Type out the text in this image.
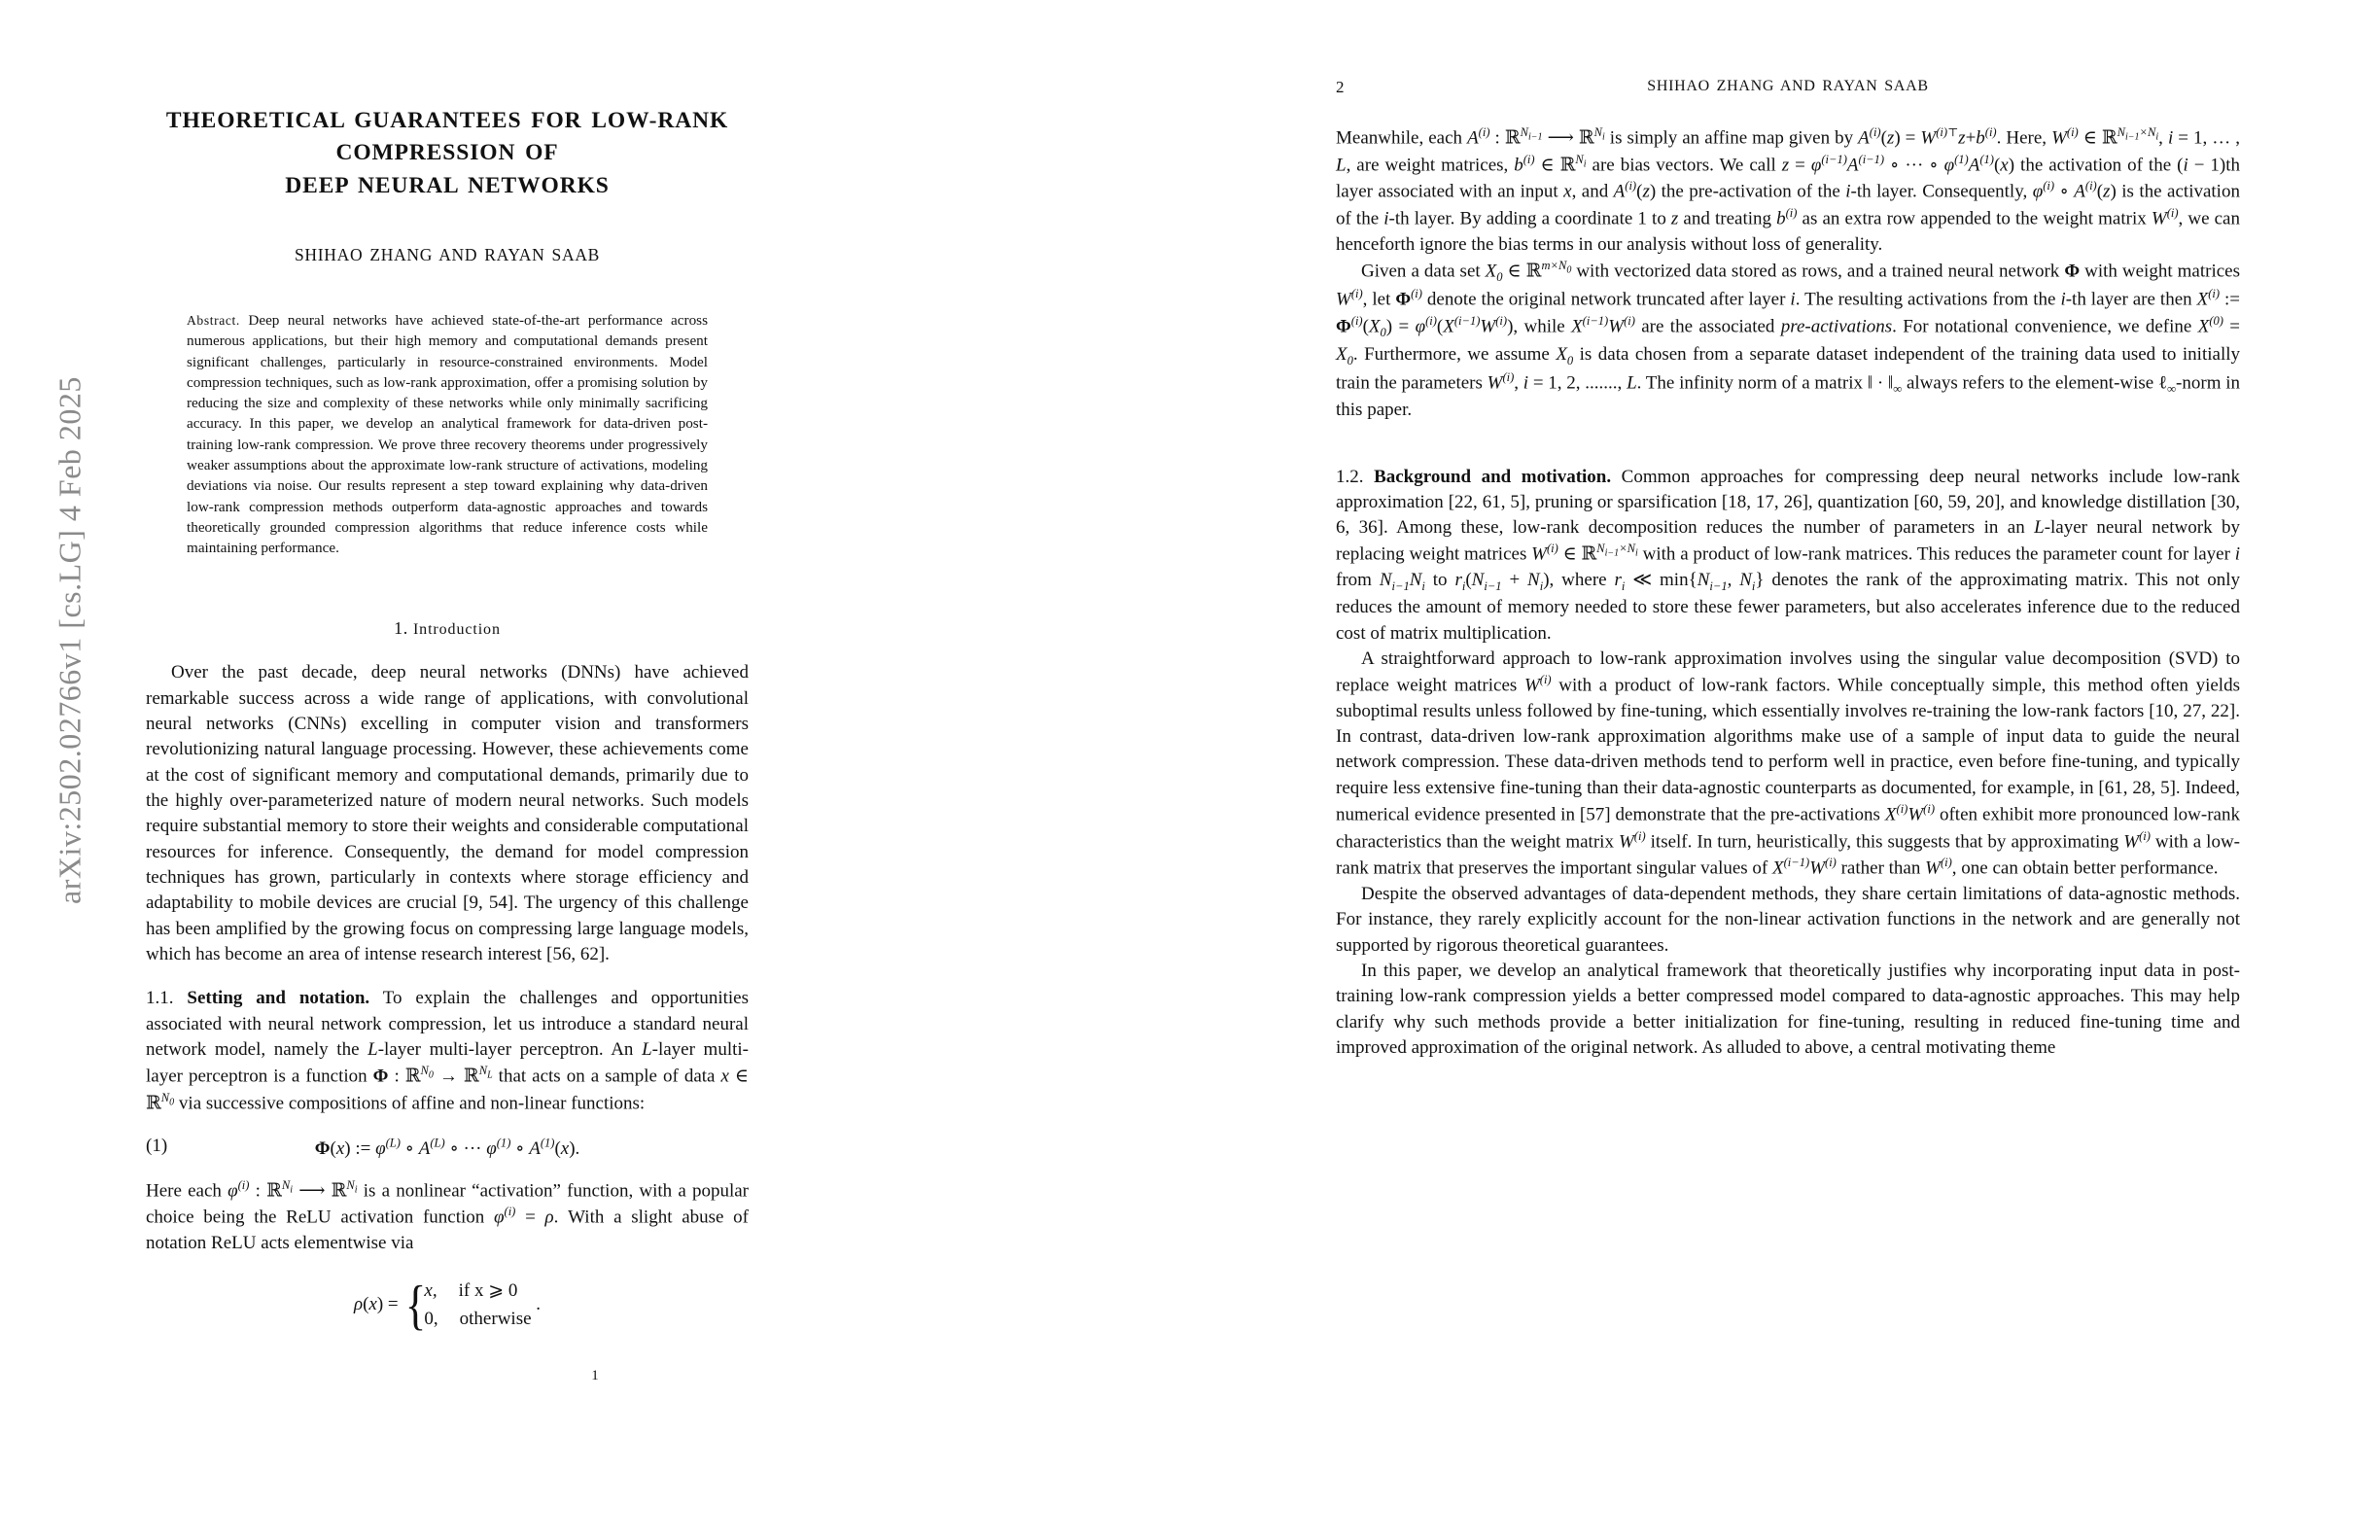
arXiv:2502.02766v1 [cs.LG] 4 Feb 2025
THEORETICAL GUARANTEES FOR LOW-RANK COMPRESSION OF
DEEP NEURAL NETWORKS
SHIHAO ZHANG AND RAYAN SAAB
Abstract. Deep neural networks have achieved state-of-the-art performance across numerous applications, but their high memory and computational demands present significant challenges, particularly in resource-constrained environments. Model compression techniques, such as low-rank approximation, offer a promising solution by reducing the size and complexity of these networks while only minimally sacrificing accuracy. In this paper, we develop an analytical framework for data-driven post-training low-rank compression. We prove three recovery theorems under progressively weaker assumptions about the approximate low-rank structure of activations, modeling deviations via noise. Our results represent a step toward explaining why data-driven low-rank compression methods outperform data-agnostic approaches and towards theoretically grounded compression algorithms that reduce inference costs while maintaining performance.
1. Introduction

Over the past decade, deep neural networks (DNNs) have achieved remarkable success across a wide range of applications, with convolutional neural networks (CNNs) excelling in computer vision and transformers revolutionizing natural language processing. However, these achievements come at the cost of significant memory and computational demands, primarily due to the highly over-parameterized nature of modern neural networks. Such models require substantial memory to store their weights and considerable computational resources for inference. Consequently, the demand for model compression techniques has grown, particularly in contexts where storage efficiency and adaptability to mobile devices are crucial [9, 54]. The urgency of this challenge has been amplified by the growing focus on compressing large language models, which has become an area of intense research interest [56, 62].

1.1. Setting and notation. To explain the challenges and opportunities associated with neural network compression, let us introduce a standard neural network model, namely the L-layer multi-layer perceptron. An L-layer multi-layer perceptron is a function Φ : ℝ$^{N_0}$ → ℝ$^{N_L}$ that acts on a sample of data x ∈ ℝ$^{N_0}$ via successive compositions of affine and non-linear functions:

(1)	Φ(x) := $\varphi^{(L)}$ ∘ $A^{(L)}$ ∘ ··· $\varphi^{(1)}$ ∘ $A^{(1)}(x)$.

Here each $\varphi^{(i)}$ : ℝ$^{N_i}$ ⟶ ℝ$^{N_i}$ is a nonlinear “activation” function, with a popular choice being the ReLU activation function $\varphi^{(i)} = \rho$. With a slight abuse of notation ReLU acts elementwise via

ρ(x) = {
x, if x ⩾ 0
0, otherwise .
1
2	SHIHAO ZHANG AND RAYAN SAAB

Meanwhile, each $A^{(i)}$ : ℝ$^{N_{i-1}}$ ⟶ ℝ$^{N_i}$ is simply an affine map given by $A^{(i)}(z) = W^{(i)⊤}z+b^{(i)}$. Here, $W^{(i)}$ ∈ ℝ$^{N_{i-1}\times N_i}$, i = 1, … , L, are weight matrices, $b^{(i)}$ ∈ ℝ$^{N_i}$ are bias vectors. We call $z = \varphi^{(i-1)}A^{(i-1)}$ ∘ ··· ∘ $\varphi^{(1)}A^{(1)}(x)$ the activation of the (i − 1)th layer associated with an input x, and $A^{(i)}(z)$ the pre-activation of the i-th layer. Consequently, $\varphi^{(i)}$ ∘ $A^{(i)}(z)$ is the activation of the i-th layer. By adding a coordinate 1 to z and treating $b^{(i)}$ as an extra row appended to the weight matrix $W^{(i)}$, we can henceforth ignore the bias terms in our analysis without loss of generality.

Given a data set $X_0$ ∈ ℝ$^{m\times N_0}$ with vectorized data stored as rows, and a trained neural network Φ with weight matrices $W^{(i)}$, let $\Phi^{(i)}$ denote the original network truncated after layer i. The resulting activations from the i-th layer are then $X^{(i)}$ := $\Phi^{(i)}(X_0) = \varphi^{(i)}(X^{(i-1)}W^{(i)})$, while $X^{(i-1)}W^{(i)}$ are the associated pre-activations. For notational convenience, we define $X^{(0)} = X_0$. Furthermore, we assume $X_0$ is data chosen from a separate dataset independent of the training data used to initially train the parameters $W^{(i)}$, i = 1, 2, ......., L. The infinity norm of a matrix ‖ · $‖_\infty$ always refers to the element-wise ℓ$_\infty$-norm in this paper.

1.2. Background and motivation. Common approaches for compressing deep neural networks include low-rank approximation [22, 61, 5], pruning or sparsification [18, 17, 26], quantization [60, 59, 20], and knowledge distillation [30, 6, 36]. Among these, low-rank decomposition reduces the number of parameters in an L-layer neural network by replacing weight matrices $W^{(i)}$ ∈ ℝ$^{N_{i-1}\times N_i}$ with a product of low-rank matrices. This reduces the parameter count for layer i from $N_{i-1}N_i$ to $r_i(N_{i-1} + N_i)$, where $r_i$ ≪ $\min\{N_{i-1}$, $N_i$} denotes the rank of the approximating matrix. This not only reduces the amount of memory needed to store these fewer parameters, but also accelerates inference due to the reduced cost of matrix multiplication.

A straightforward approach to low-rank approximation involves using the singular value decomposition (SVD) to replace weight matrices $W^{(i)}$ with a product of low-rank factors. While conceptually simple, this method often yields suboptimal results unless followed by fine-tuning, which essentially involves re-training the low-rank factors [10, 27, 22]. In contrast, data-driven low-rank approximation algorithms make use of a sample of input data to guide the neural network compression. These data-driven methods tend to perform well in practice, even before fine-tuning, and typically require less extensive fine-tuning than their data-agnostic counterparts as documented, for example, in [61, 28, 5]. Indeed, numerical evidence presented in [57] demonstrate that the pre-activations $X^{(i)}W^{(i)}$ often exhibit more pronounced low-rank characteristics than the weight matrix $W^{(i)}$ itself. In turn, heuristically, this suggests that by approximating $W^{(i)}$ with a low-rank matrix that preserves the important singular values of $X^{(i-1)}W^{(i)}$ rather than $W^{(i)}$, one can obtain better performance.

Despite the observed advantages of data-dependent methods, they share certain limitations of data-agnostic methods. For instance, they rarely explicitly account for the non-linear activation functions in the network and are generally not supported by rigorous theoretical guarantees.

In this paper, we develop an analytical framework that theoretically justifies why incorporating input data in post-training low-rank compression yields a better compressed model compared to data-agnostic approaches. This may help clarify why such methods provide a better initialization for fine-tuning, resulting in reduced fine-tuning time and improved approximation of the original network. As alluded to above, a central motivating theme
